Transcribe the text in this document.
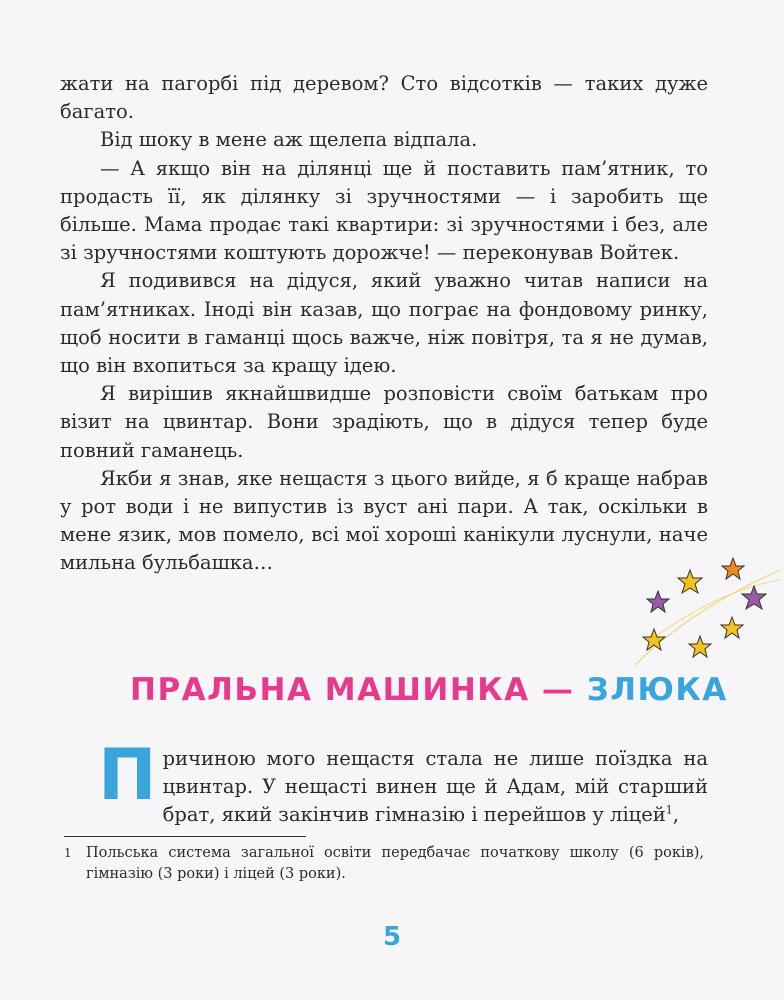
жати на пагорбі під деревом? Сто відсотків — таких дуже багато.

Від шоку в мене аж щелепа відпала.

— А якщо він на ділянці ще й поставить пам’ятник, то продасть її, як ділянку зі зручностями — і заробить ще більше. Мама продає такі квартири: зі зручностями і без, але зі зручностями коштують дорожче! — переконував Войтек.

Я подивився на дідуся, який уважно читав написи на пам’ятниках. Іноді він казав, що пограє на фондовому ринку, щоб носити в гаманці щось важче, ніж повітря, та я не думав, що він вхопиться за кращу ідею.

Я вирішив якнайшвидше розповісти своїм батькам про візит на цвинтар. Вони зрадіють, що в дідуся тепер буде повний гаманець.

Якби я знав, яке нещастя з цього вийде, я б краще набрав у рот води і не випустив із вуст ані пари. А так, оскільки в мене язик, мов помело, всі мої хороші канікули луснули, наче мильна бульбашка…

ПРАЛЬНА МАШИНКА — ЗЛЮКА

Причиною мого нещастя стала не лише поїздка на цвинтар. У нещасті винен ще й Адам, мій старший брат, який закінчив гімназію і перейшов у ліцей$^1$,

1 Польська система загальної освіти передбачає початкову школу (6 років), гімназію (3 роки) і ліцей (3 роки).
5
